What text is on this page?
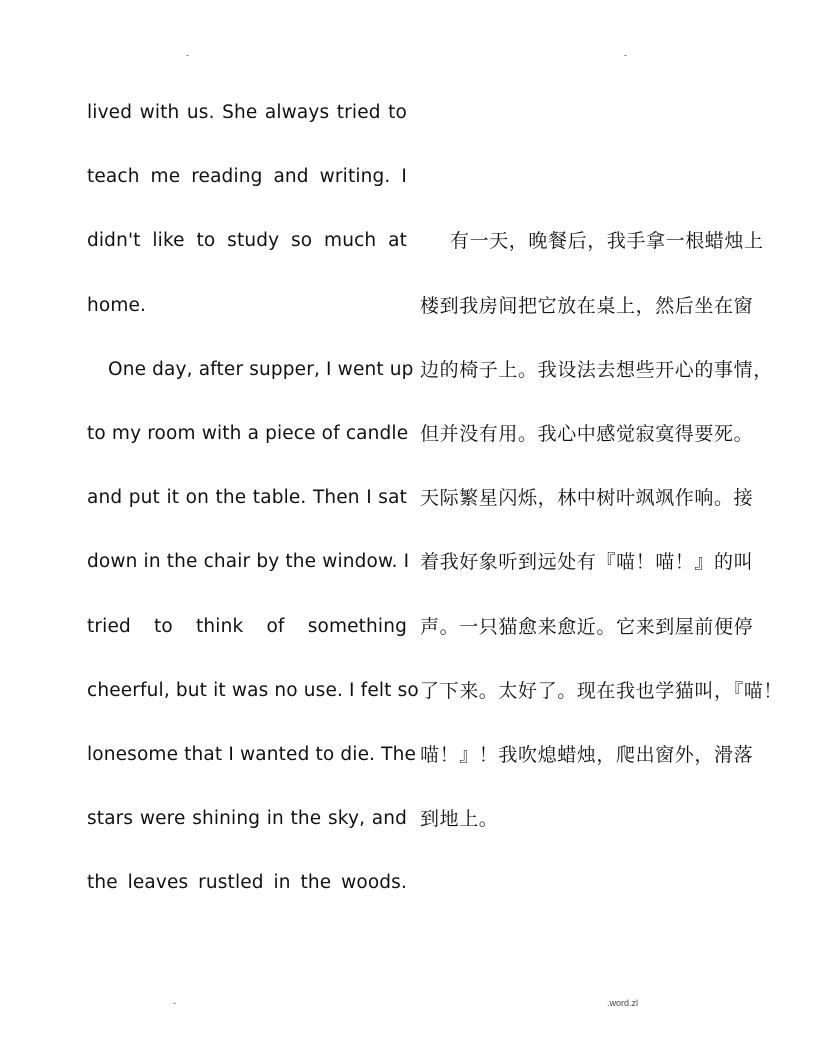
-	-
lived with us. She always tried to
teach me reading and writing. I
didn't like to study so much at
home.
One day, after supper, I went up
to my room with a piece of candle
and put it on the table. Then I sat
down in the chair by the window. I
tried to think of something
cheerful, but it was no use. I felt so
lonesome that I wanted to die. The
stars were shining in the sky, and
the leaves rustled in the woods.
有一天，晚餐后，我手拿一根蜡烛上
楼到我房间把它放在桌上，然后坐在窗
边的椅子上。我设法去想些开心的事情，
但并没有用。我心中感觉寂寞得要死。
天际繁星闪烁，林中树叶飒飒作响。接
着我好象听到远处有『喵！喵！』的叫
声。一只猫愈来愈近。它来到屋前便停
了下来。太好了。现在我也学猫叫，『喵！
喵！』！我吹熄蜡烛，爬出窗外，滑落
到地上。
-	.word.zl
